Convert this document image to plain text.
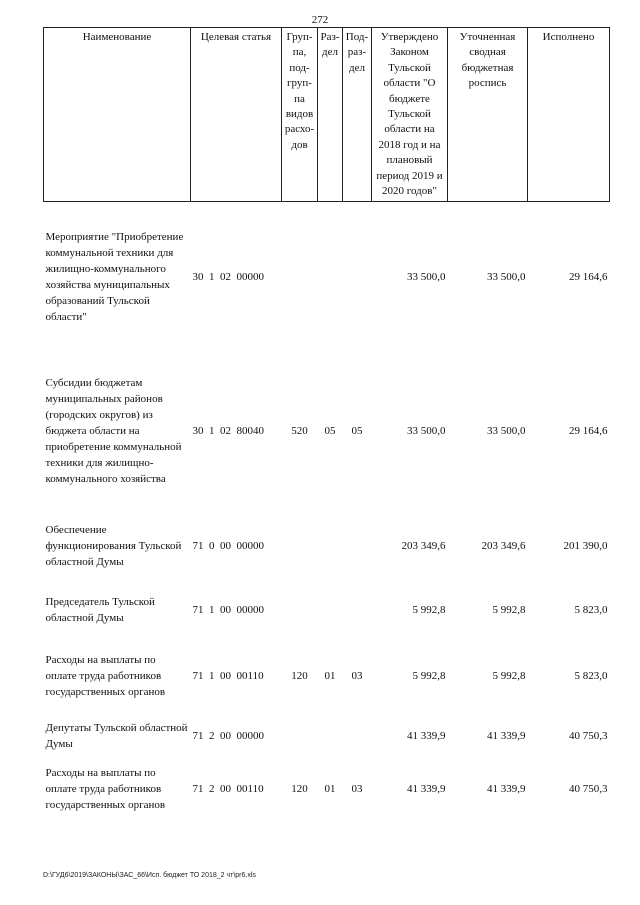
272
Наименование	Целевая статья	Груп-па, под-груп-па видов расхо-дов	Раз-дел	Под-раз-дел	Утверждено Законом Тульской области "О бюджете Тульской области на 2018 год и на плановый период 2019 и 2020 годов"	Уточненная сводная бюджетная роспись	Исполнено
Мероприятие "Приобретение коммунальной техники для жилищно-коммунального хозяйства муниципальных образований Тульской области"	30  1  02  00000				33 500,0	33 500,0	29 164,6
Субсидии бюджетам муниципальных районов (городских округов) из бюджета области на приобретение коммунальной техники для жилищно-коммунального хозяйства	30  1  02  80040	520	05	05	33 500,0	33 500,0	29 164,6
Обеспечение функционирования Тульской областной Думы	71  0  00  00000				203 349,6	203 349,6	201 390,0
Председатель Тульской областной Думы	71  1  00  00000				5 992,8	5 992,8	5 823,0
Расходы на выплаты по оплате труда работников государственных органов	71  1  00  00110	120	01	03	5 992,8	5 992,8	5 823,0
Депутаты Тульской областной Думы	71  2  00  00000				41 339,9	41 339,9	40 750,3
Расходы на выплаты по оплате труда работников государственных органов	71  2  00  00110	120	01	03	41 339,9	41 339,9	40 750,3
D:\ГУД6\2019\ЗАКОНЫ\ЗАС_66\Исп. бюджет ТО 2018_2 чт\pr6.xls
